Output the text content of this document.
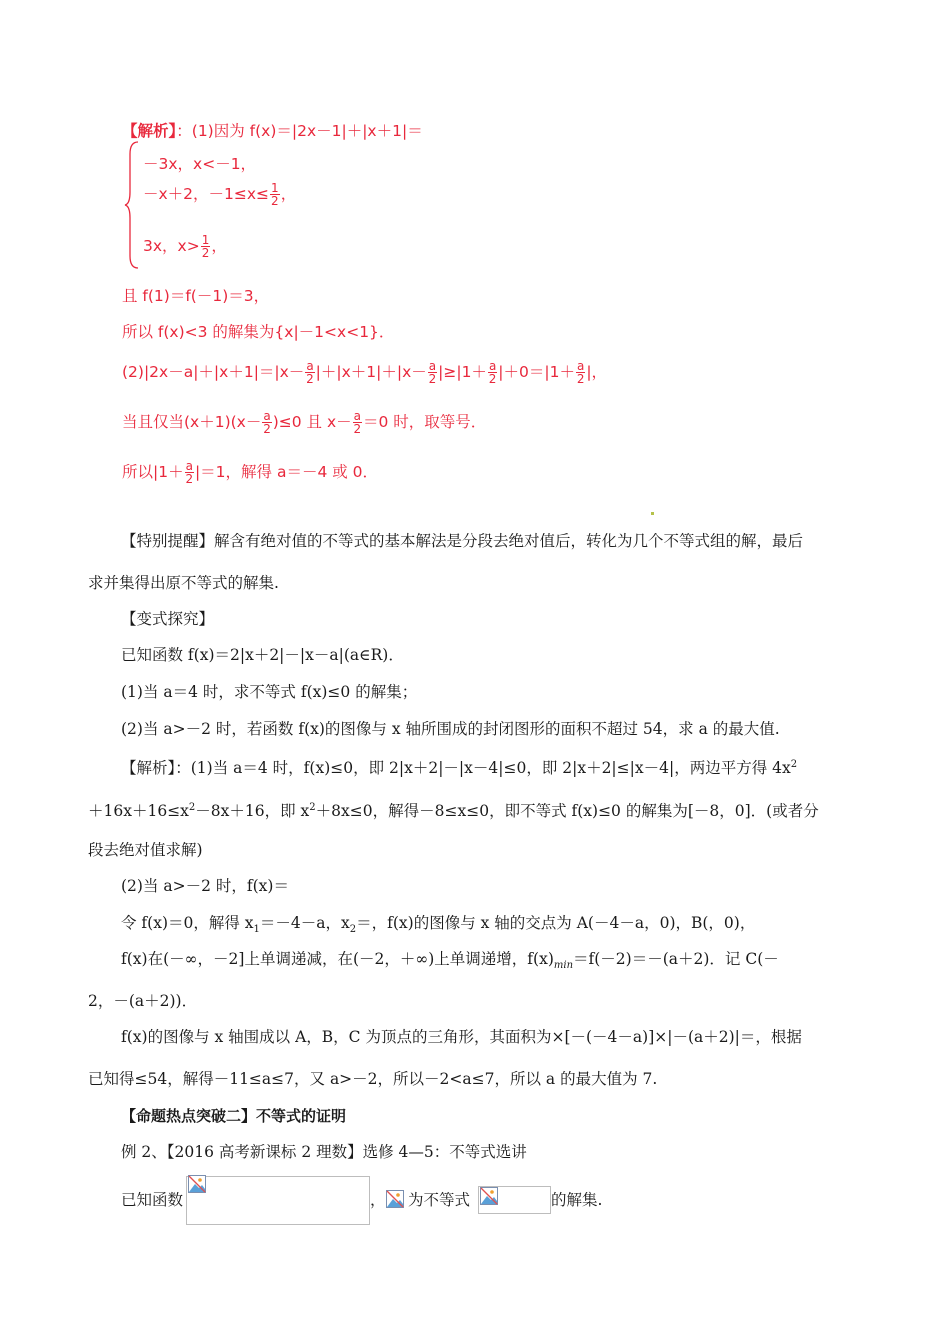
【解析】：(1)因为 f(x)＝|2x－1|＋|x＋1|＝
－3x，x<－1，
－x＋2，$-1\le x\le \frac{1}{2}$ ，
3x，$x> \frac{1}{2}$ ，
且 f(1)＝f(－1)＝3，
所以 f(x)<3 的解集为{x|－1<x<1}．
$(2)|2x-a|+|x+1|=|x- \frac{a}{2} |+|x+1|+|x- \frac{a}{2} |\ge|1+ \frac{a}{2} |+0=|1+ \frac{a}{2}$ |，
当且仅当$(x+1)(x- \frac{a}{2} )\le 0$ 且 $x- \frac{a}{2} =0$ 时，取等号．
所以$|1+ \frac{a}{2} |=1$，解得 a＝－4 或 0．
【特别提醒】解含有绝对值的不等式的基本解法是分段去绝对值后，转化为几个不等式组的解，最后
求并集得出原不等式的解集.
【变式探究】
已知函数 f(x)＝2|x＋2|－|x－a|(a∈R)．
(1)当 a＝4 时，求不等式 f(x)≤0 的解集；
(2)当 a>－2 时，若函数 f(x)的图像与 x 轴所围成的封闭图形的面积不超过 54，求 a 的最大值.
【解析】：(1)当 a＝4 时，f(x)≤0，即 2|x＋2|－|x－4|≤0，即 2|x＋2|≤|x－4|，两边平方得 $4x^2$
$+16x+16\le x^2-8x+16$，即 $x^2+8x\le 0$，解得－8≤x≤0，即不等式 f(x)≤0 的解集为[－8，0]．(或者分
段去绝对值求解)
(2)当 a>－2 时，f(x)＝
令 f(x)＝0，解得 $x_1=-4-a$，$x_2=$，f(x)的图像与 x 轴的交点为 A(－4－a，0)，B(，0)，
f(x)在(－∞，－2]上单调递减，在(－2，＋∞)上单调递增，$f(x)_{min}=f(-2)=-(a+2)$．记 C(－
2，－(a＋2))．
f(x)的图像与 x 轴围成以 A，B，C 为顶点的三角形，其面积为×[－(－4－a)]×|－(a＋2)|＝，根据
已知得≤54，解得－11≤a≤7，又 a>－2，所以－2<a≤7，所以 a 的最大值为 7.
【命题热点突破二】不等式的证明
例 2、【2016 高考新课标 2 理数】选修 4—5：不等式选讲
已知函数	， 为不等式	的解集.
